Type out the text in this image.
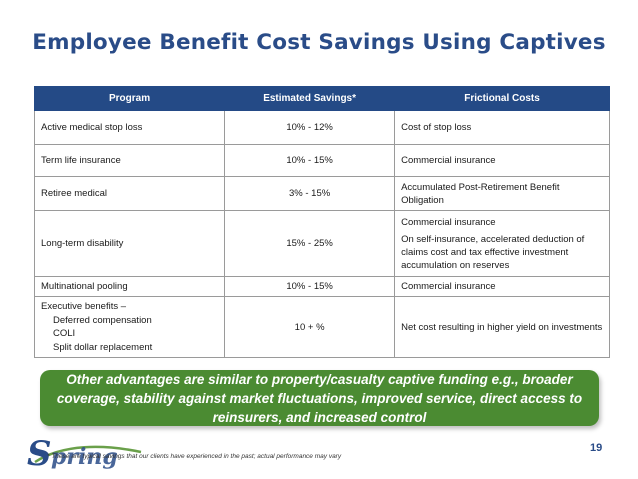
Employee Benefit Cost Savings Using Captives
Program	Estimated Savings*	Frictional Costs
Active medical stop loss	10% - 12%	Cost of stop loss
Term life insurance	10% - 15%	Commercial insurance
Retiree medical	3% - 15%	Accumulated Post-Retirement Benefit Obligation
Long-term disability	15% - 25%	Commercial insurance
On self-insurance, accelerated deduction of claims cost and tax effective investment accumulation on reserves

Multinational pooling	10% - 15%	Commercial insurance

Executive benefits –
Deferred compensation
COLI
Split dollar replacement	10 + %	Net cost resulting in higher yield on investments
Other advantages are similar to property/casualty captive funding e.g., broader coverage, stability against market fluctuations, improved service, direct access to reinsurers, and increased control
S pring
* These are typical savings that our clients have experienced in the past; actual performance may vary
19
